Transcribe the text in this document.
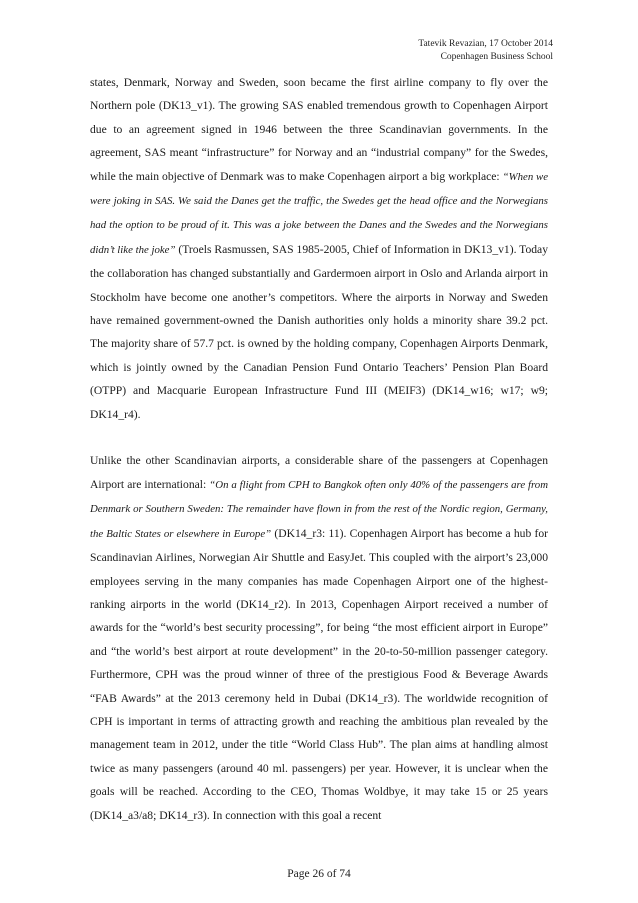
Tatevik Revazian, 17 October 2014
Copenhagen Business School

states, Denmark, Norway and Sweden, soon became the first airline company to fly over the Northern pole (DK13_v1). The growing SAS enabled tremendous growth to Copenhagen Airport due to an agreement signed in 1946 between the three Scandinavian governments. In the agreement, SAS meant “infrastructure” for Norway and an “industrial company” for the Swedes, while the main objective of Denmark was to make Copenhagen airport a big workplace: “When we were joking in SAS. We said the Danes get the traffic, the Swedes get the head office and the Norwegians had the option to be proud of it. This was a joke between the Danes and the Swedes and the Norwegians didn’t like the joke” (Troels Rasmussen, SAS 1985-2005, Chief of Information in DK13_v1). Today the collaboration has changed substantially and Gardermoen airport in Oslo and Arlanda airport in Stockholm have become one another’s competitors. Where the airports in Norway and Sweden have remained government-owned the Danish authorities only holds a minority share 39.2 pct. The majority share of 57.7 pct. is owned by the holding company, Copenhagen Airports Denmark, which is jointly owned by the Canadian Pension Fund Ontario Teachers’ Pension Plan Board (OTPP) and Macquarie European Infrastructure Fund III (MEIF3) (DK14_w16; w17; w9; DK14_r4).

Unlike the other Scandinavian airports, a considerable share of the passengers at Copenhagen Airport are international: “On a flight from CPH to Bangkok often only 40% of the passengers are from Denmark or Southern Sweden: The remainder have flown in from the rest of the Nordic region, Germany, the Baltic States or elsewhere in Europe” (DK14_r3: 11). Copenhagen Airport has become a hub for Scandinavian Airlines, Norwegian Air Shuttle and EasyJet. This coupled with the airport’s 23,000 employees serving in the many companies has made Copenhagen Airport one of the highest-ranking airports in the world (DK14_r2). In 2013, Copenhagen Airport received a number of awards for the “world’s best security processing”, for being “the most efficient airport in Europe” and “the world’s best airport at route development” in the 20-to-50-million passenger category. Furthermore, CPH was the proud winner of three of the prestigious Food & Beverage Awards “FAB Awards” at the 2013 ceremony held in Dubai (DK14_r3). The worldwide recognition of CPH is important in terms of attracting growth and reaching the ambitious plan revealed by the management team in 2012, under the title “World Class Hub”. The plan aims at handling almost twice as many passengers (around 40 ml. passengers) per year. However, it is unclear when the goals will be reached. According to the CEO, Thomas Woldbye, it may take 15 or 25 years (DK14_a3/a8; DK14_r3). In connection with this goal a recent

Page 26 of 74
